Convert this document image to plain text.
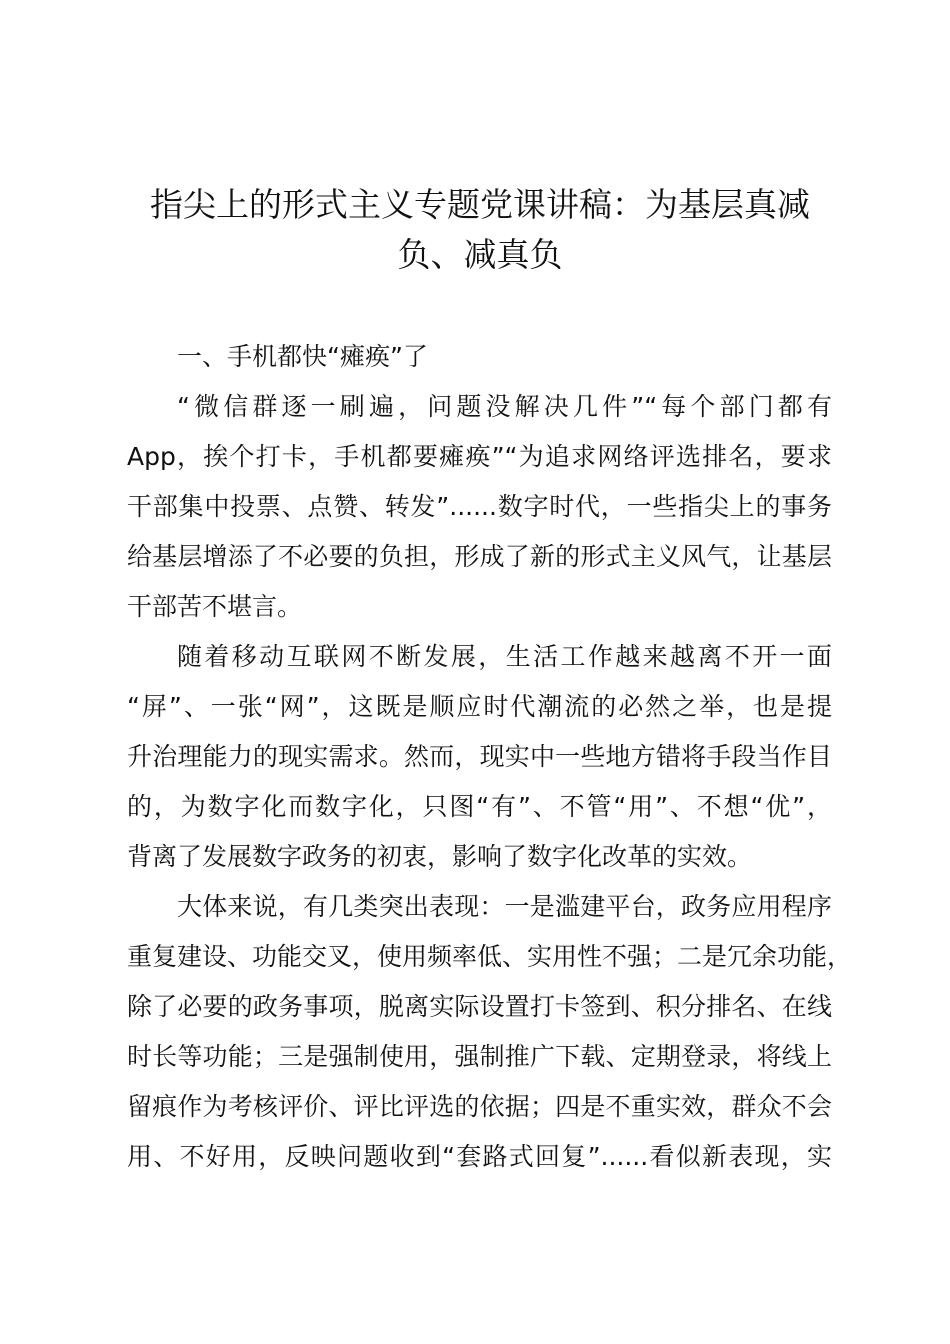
指尖上的形式主义专题党课讲稿：为基层真减
负、减真负
一、手机都快“瘫痪”了
“微信群逐一刷遍，问题没解决几件”“每个部门都有
App，挨个打卡，手机都要瘫痪”“为追求网络评选排名，要求
干部集中投票、点赞、转发”......数字时代，一些指尖上的事务
给基层增添了不必要的负担，形成了新的形式主义风气，让基层
干部苦不堪言。
随着移动互联网不断发展，生活工作越来越离不开一面
“屏”、一张“网”，这既是顺应时代潮流的必然之举，也是提
升治理能力的现实需求。然而，现实中一些地方错将手段当作目
的，为数字化而数字化，只图“有”、不管“用”、不想“优”，
背离了发展数字政务的初衷，影响了数字化改革的实效。
大体来说，有几类突出表现：一是滥建平台，政务应用程序
重复建设、功能交叉，使用频率低、实用性不强；二是冗余功能，
除了必要的政务事项，脱离实际设置打卡签到、积分排名、在线
时长等功能；三是强制使用，强制推广下载、定期登录，将线上
留痕作为考核评价、评比评选的依据；四是不重实效，群众不会
用、不好用，反映问题收到“套路式回复”......看似新表现，实
